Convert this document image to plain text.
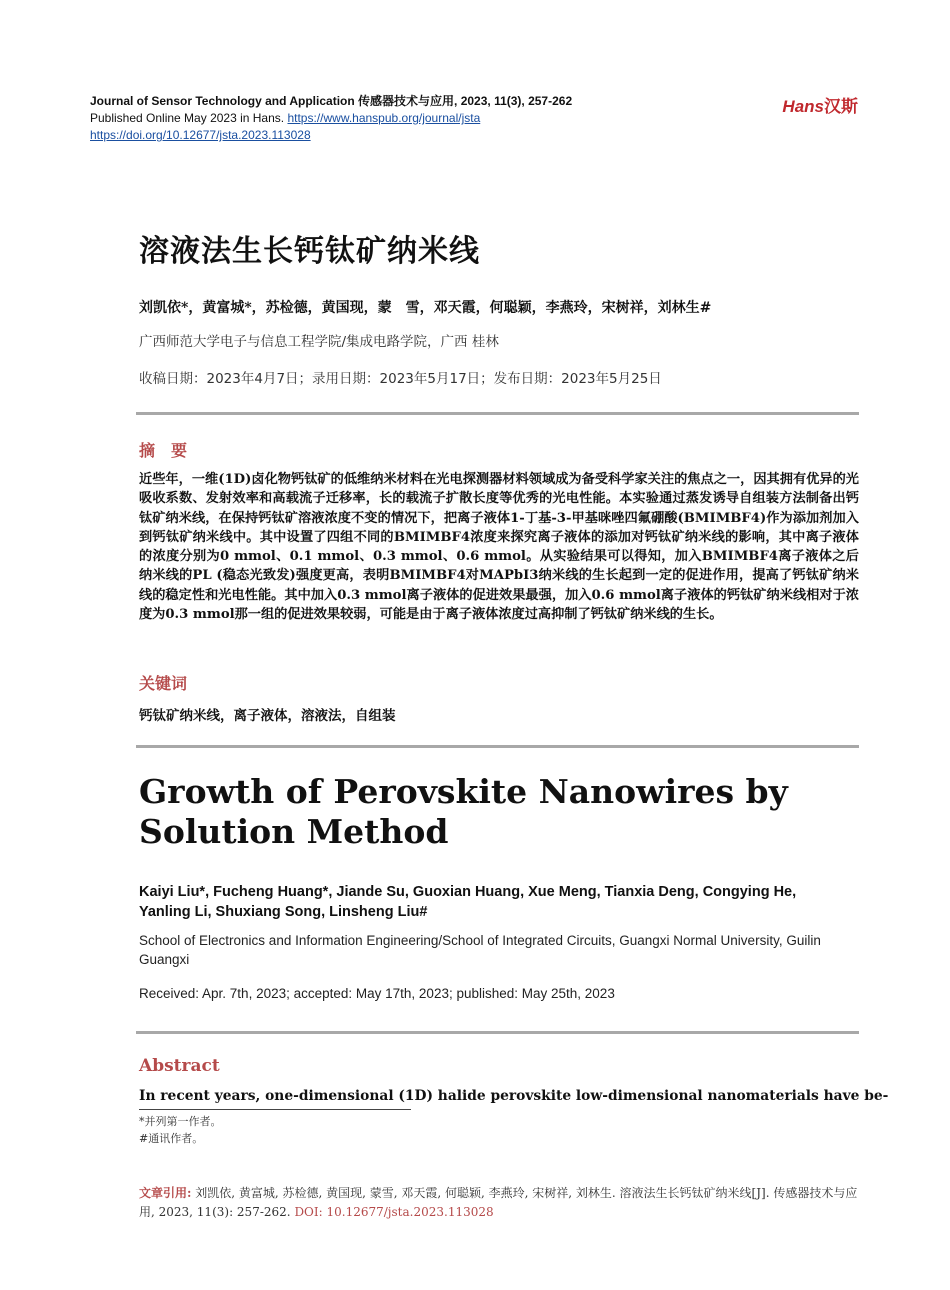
Journal of Sensor Technology and Application 传感器技术与应用, 2023, 11(3), 257-262
Published Online May 2023 in Hans. https://www.hanspub.org/journal/jsta
https://doi.org/10.12677/jsta.2023.113028
Hans汉斯
溶液法生长钙钛矿纳米线
刘凯依*，黄富城*，苏检德，黄国现，蒙　雪，邓天霞，何聪颖，李燕玲，宋树祥，刘林生#
广西师范大学电子与信息工程学院/集成电路学院，广西 桂林
收稿日期：2023年4月7日；录用日期：2023年5月17日；发布日期：2023年5月25日
摘　要

近些年，一维(1D)卤化物钙钛矿的低维纳米材料在光电探测器材料领域成为备受科学家关注的焦点之一，因其拥有优异的光吸收系数、发射效率和高载流子迁移率，长的载流子扩散长度等优秀的光电性能。本实验通过蒸发诱导自组装方法制备出钙钛矿纳米线，在保持钙钛矿溶液浓度不变的情况下，把离子液体1-丁基-3-甲基咪唑四氟硼酸(BMIMBF4)作为添加剂加入到钙钛矿纳米线中。其中设置了四组不同的BMIMBF4浓度来探究离子液体的添加对钙钛矿纳米线的影响，其中离子液体的浓度分别为0 mmol、0.1 mmol、0.3 mmol、0.6 mmol。从实验结果可以得知，加入BMIMBF4离子液体之后纳米线的PL (稳态光致发)强度更高，表明BMIMBF4对MAPbI3纳米线的生长起到一定的促进作用，提高了钙钛矿纳米线的稳定性和光电性能。其中加入0.3 mmol离子液体的促进效果最强，加入0.6 mmol离子液体的钙钛矿纳米线相对于浓度为0.3 mmol那一组的促进效果较弱，可能是由于离子液体浓度过高抑制了钙钛矿纳米线的生长。

关键词
钙钛矿纳米线，离子液体，溶液法，自组装
Growth of Perovskite Nanowires by Solution Method

Kaiyi Liu*, Fucheng Huang*, Jiande Su, Guoxian Huang, Xue Meng, Tianxia Deng, Congying He, Yanling Li, Shuxiang Song, Linsheng Liu#

School of Electronics and Information Engineering/School of Integrated Circuits, Guangxi Normal University, Guilin Guangxi

Received: Apr. 7th, 2023; accepted: May 17th, 2023; published: May 25th, 2023
Abstract
In recent years, one-dimensional (1D) halide perovskite low-dimensional nanomaterials have be-
*并列第一作者。
#通讯作者。

文章引用: 刘凯依, 黄富城, 苏检德, 黄国现, 蒙雪, 邓天霞, 何聪颖, 李燕玲, 宋树祥, 刘林生. 溶液法生长钙钛矿纳米线[J]. 传感器技术与应用, 2023, 11(3): 257-262. DOI: 10.12677/jsta.2023.113028
